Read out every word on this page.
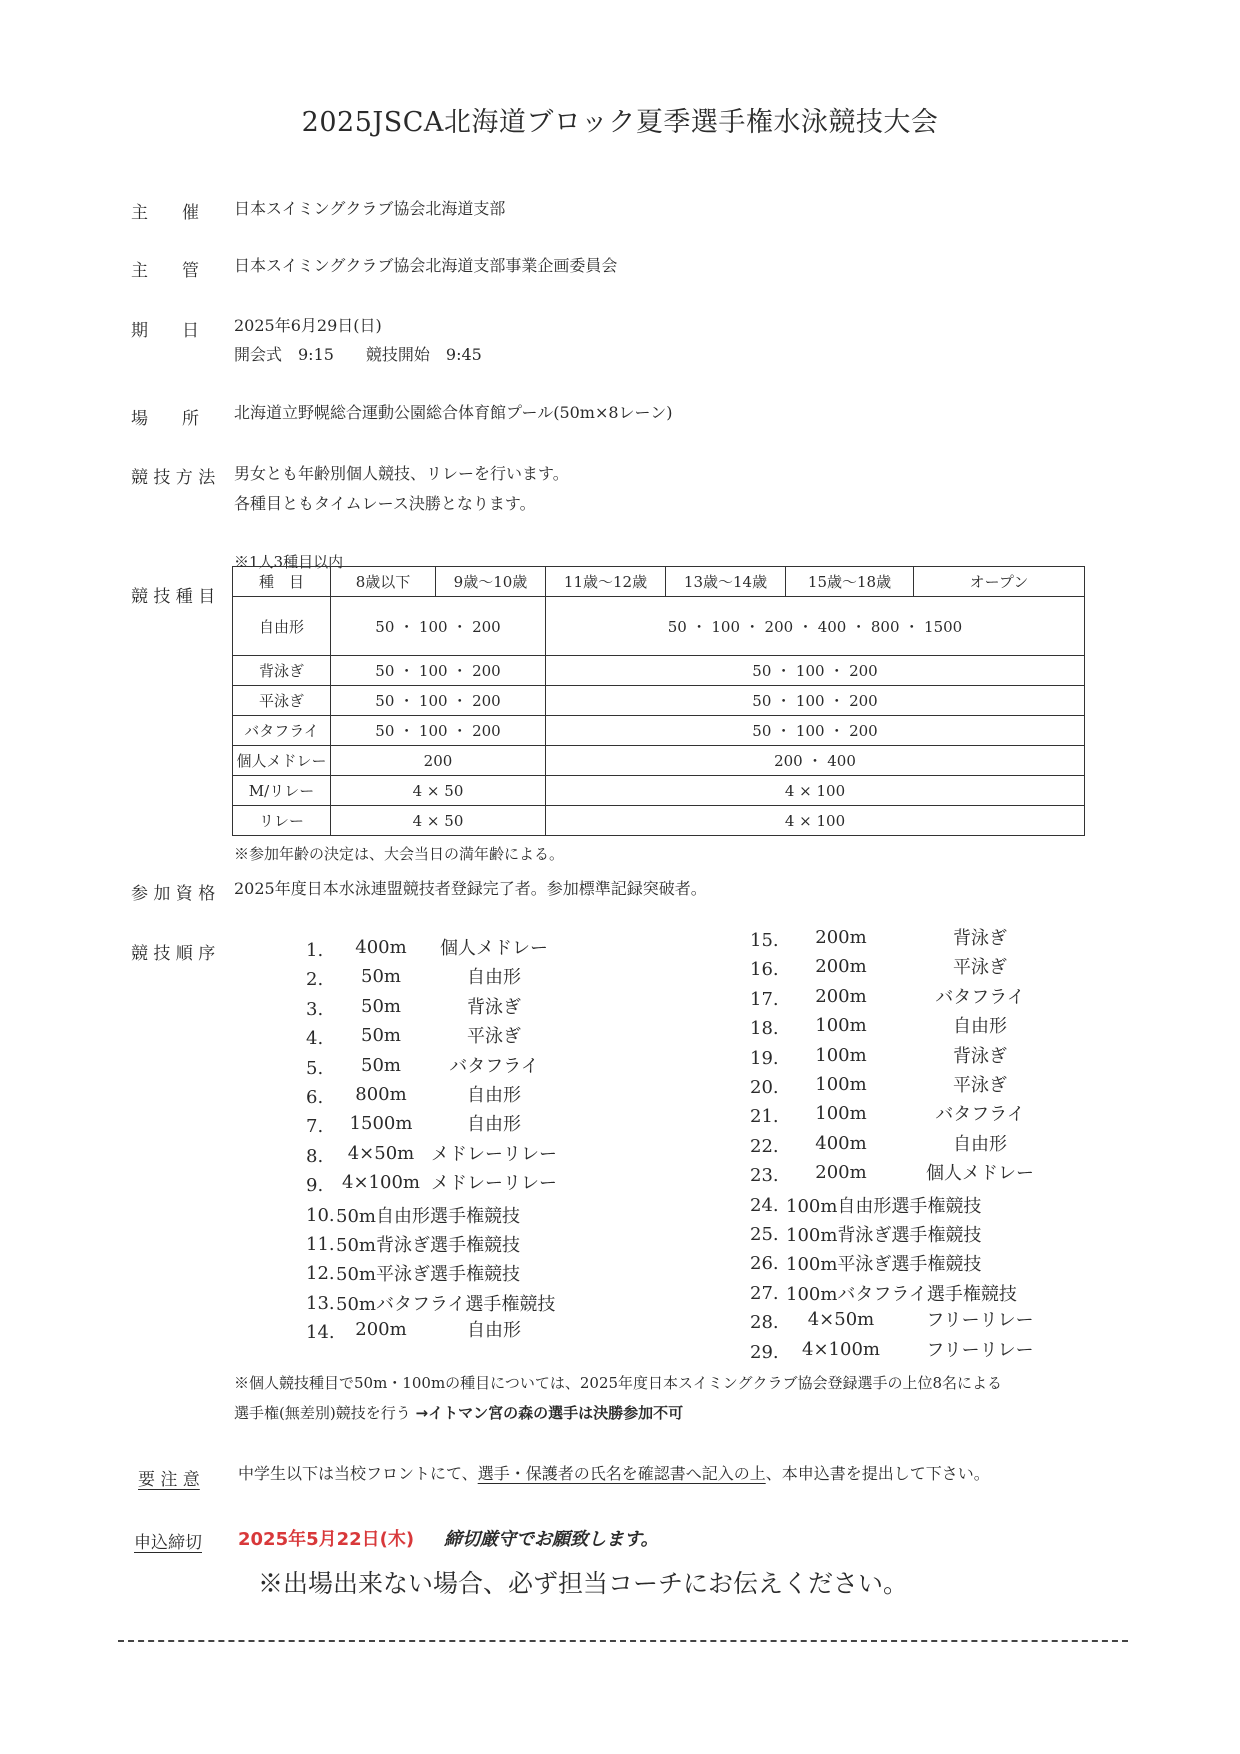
2025JSCA北海道ブロック夏季選手権水泳競技大会
主　　催 日本スイミングクラブ協会北海道支部
主　　管 日本スイミングクラブ協会北海道支部事業企画委員会
期　　日 2025年6月29日(日)
開会式　9:15　　競技開始　9:45
場　　所 北海道立野幌総合運動公園総合体育館プール(50m×8レーン)
競 技 方 法 男女とも年齢別個人競技、リレーを行います。
各種目ともタイムレース決勝となります。
※1人3種目以内
競 技 種 目
種　目	8歳以下	9歳～10歳	11歳～12歳	13歳～14歳	15歳～18歳	オープン
自由形	50 ・ 100 ・ 200		50 ・ 100 ・ 200 ・ 400 ・ 800 ・ 1500			
背泳ぎ	50 ・ 100 ・ 200		50 ・ 100 ・ 200			
平泳ぎ	50 ・ 100 ・ 200		50 ・ 100 ・ 200			
バタフライ	50 ・ 100 ・ 200		50 ・ 100 ・ 200			
個人メドレー	200		200 ・ 400			
M/リレー	4 × 50		4 × 100			
リレー	4 × 50		4 × 100			
※参加年齢の決定は、大会当日の満年齢による。
参 加 資 格 2025年度日本水泳連盟競技者登録完了者。参加標準記録突破者。
競 技 順 序	1.	400m	個人メドレー
2.	50m	自由形
3.	50m	背泳ぎ
4.	50m	平泳ぎ
5.	50m	バタフライ
6.	800m	自由形
7.	1500m	自由形
8.	4×50m メドレーリレー
9.	4×100m メドレーリレー
10. 50m自由形選手権競技
11. 50m背泳ぎ選手権競技
12. 50m平泳ぎ選手権競技
13. 50mバタフライ選手権競技
14.	200m	自由形
15.	200m	背泳ぎ
16.	200m	平泳ぎ
17.	200m	バタフライ
18.	100m	自由形
19.	100m	背泳ぎ
20.	100m	平泳ぎ
21.	100m	バタフライ
22.	400m	自由形
23.	200m	個人メドレー
24. 100m自由形選手権競技
25. 100m背泳ぎ選手権競技
26. 100m平泳ぎ選手権競技
27. 100mバタフライ選手権競技
28.	4×50m	フリーリレー
29.	4×100m	フリーリレー
※個人競技種目で50m・100mの種目については、2025年度日本スイミングクラブ協会登録選手の上位8名による
選手権(無差別)競技を行う →イトマン宮の森の選手は決勝参加不可
要 注 意 中学生以下は当校フロントにて、選手・保護者の氏名を確認書へ記入の上、本申込書を提出して下さい。
申込締切 2025年5月22日(木) 締切厳守でお願致します。
※出場出来ない場合、必ず担当コーチにお伝えください。
